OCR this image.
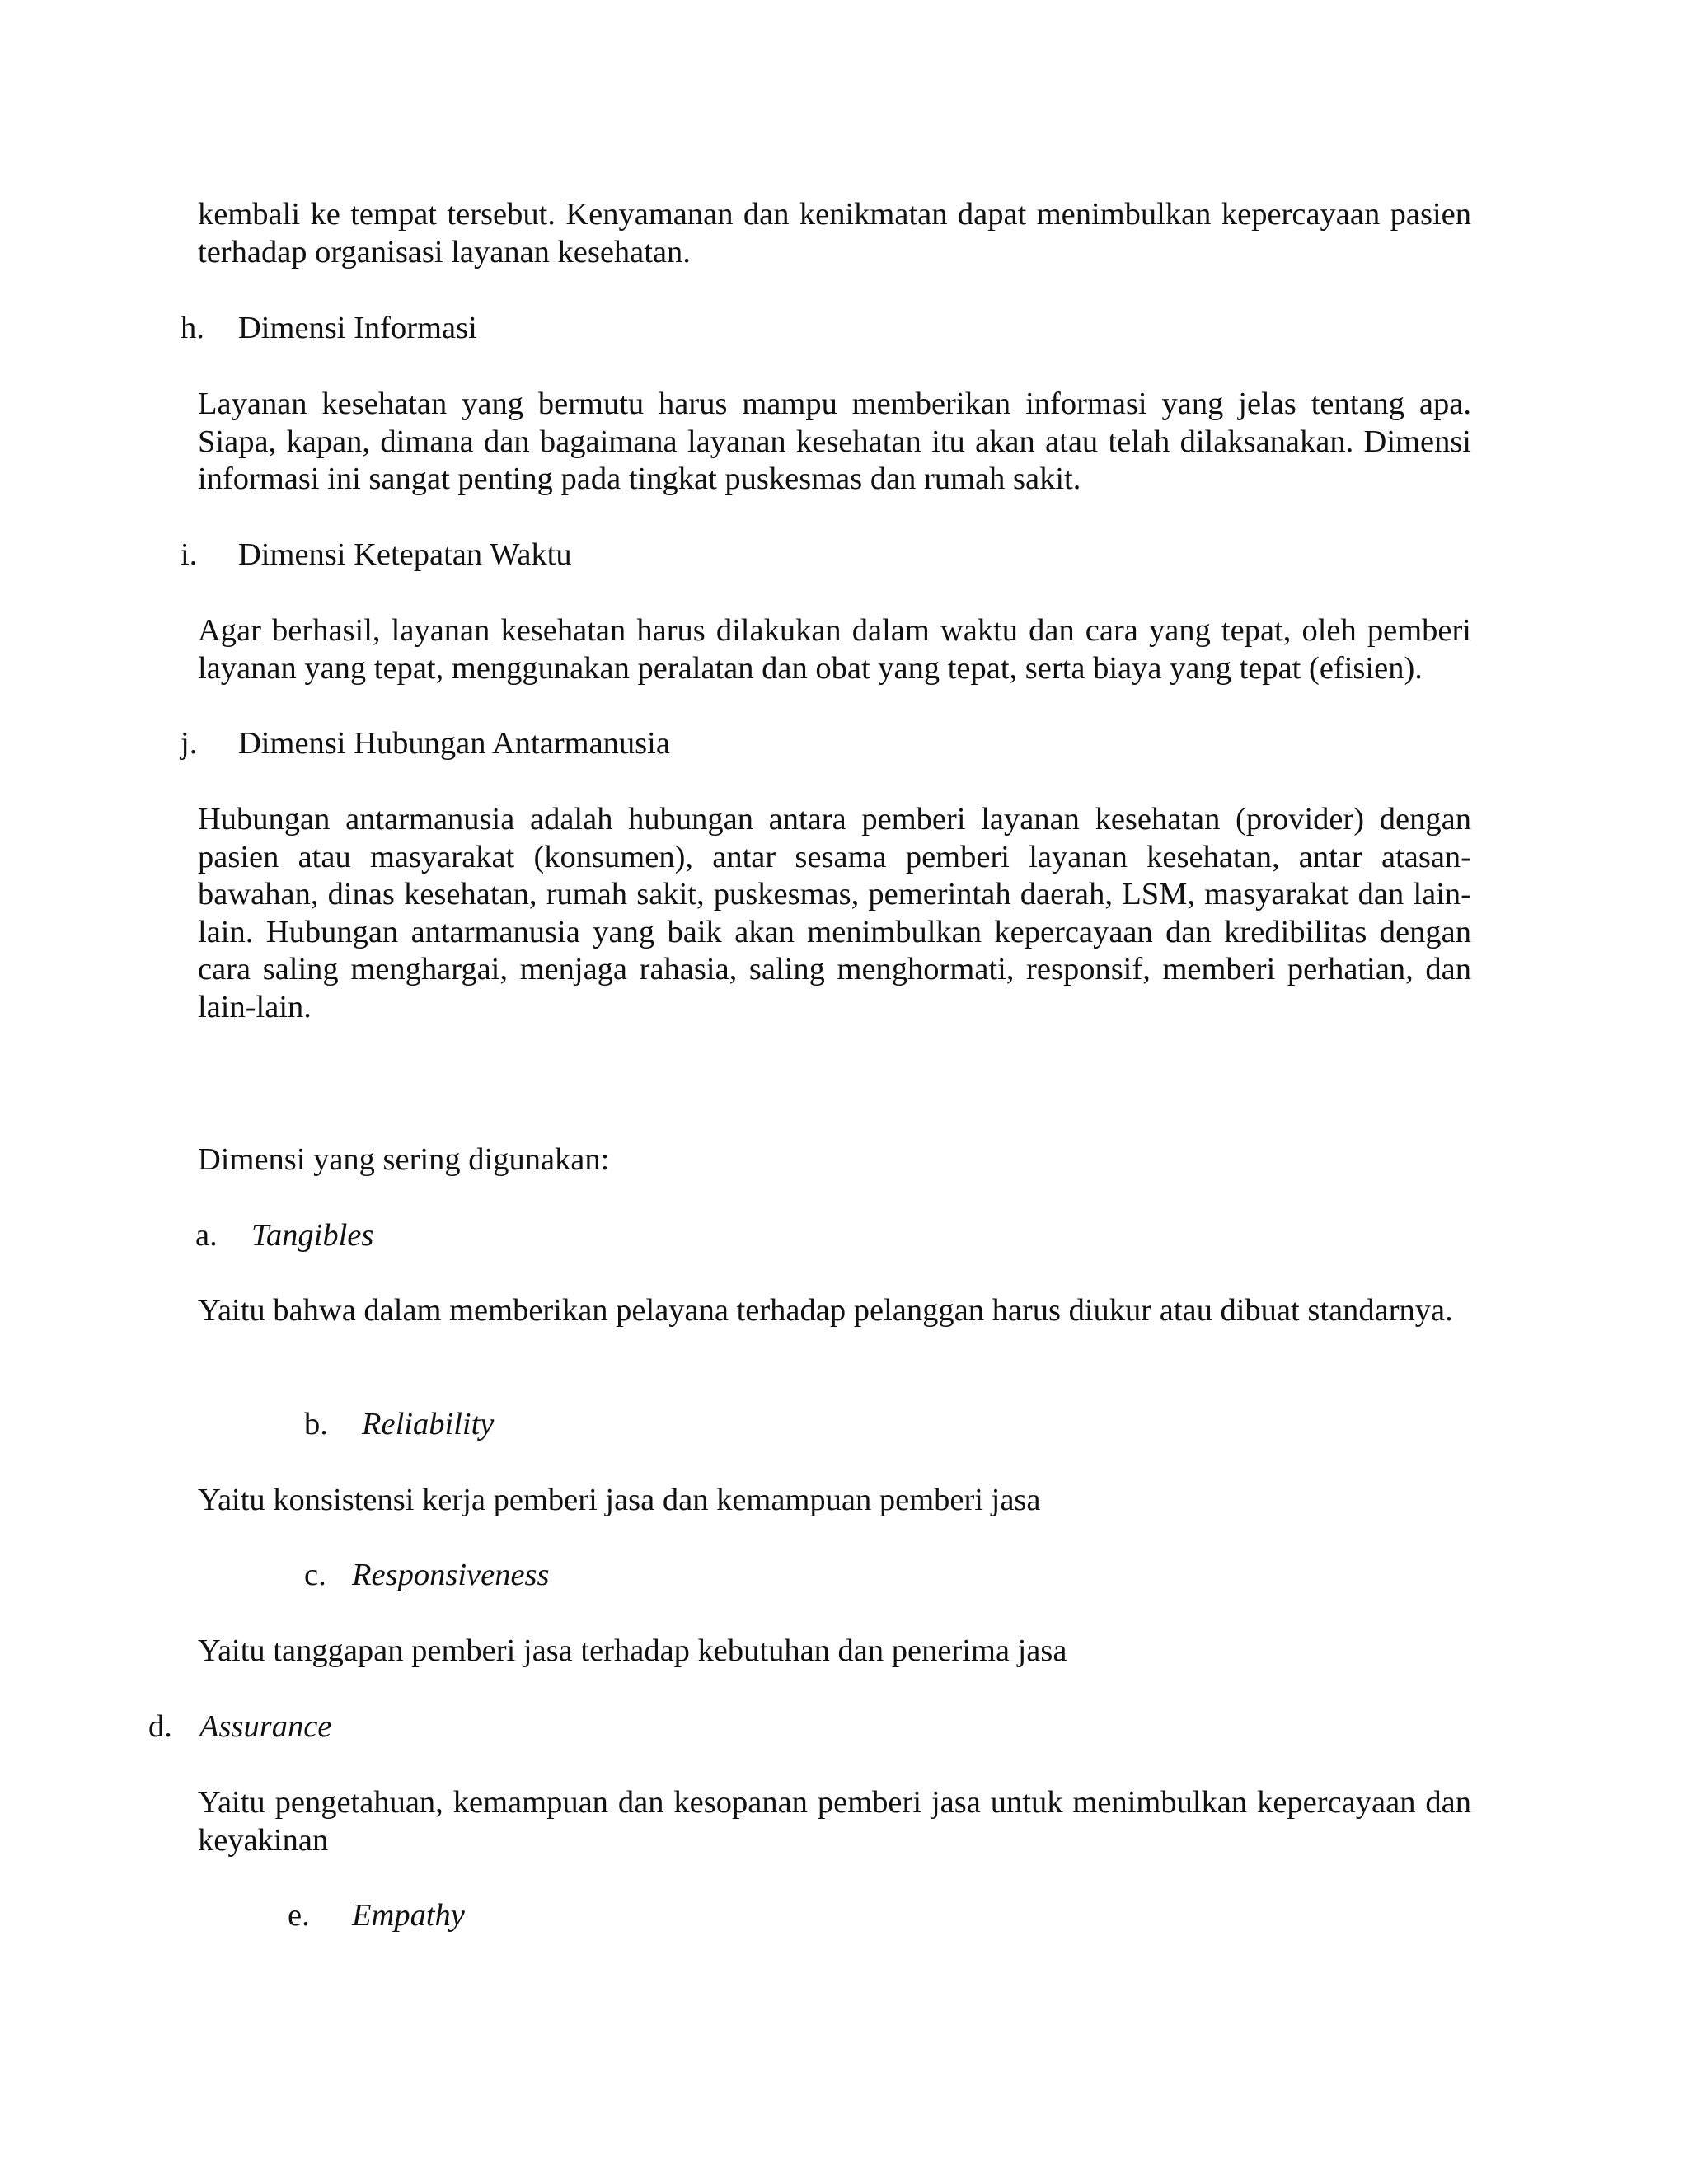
kembali ke tempat tersebut. Kenyamanan dan kenikmatan dapat menimbulkan kepercayaan pasien terhadap organisasi layanan kesehatan.

h. Dimensi Informasi

Layanan kesehatan yang bermutu harus mampu memberikan informasi yang jelas tentang apa. Siapa, kapan, dimana dan bagaimana layanan kesehatan itu akan atau telah dilaksanakan. Dimensi informasi ini sangat penting pada tingkat puskesmas dan rumah sakit.

i. Dimensi Ketepatan Waktu

Agar berhasil, layanan kesehatan harus dilakukan dalam waktu dan cara yang tepat, oleh pemberi layanan yang tepat, menggunakan peralatan dan obat yang tepat, serta biaya yang tepat (efisien).

j. Dimensi Hubungan Antarmanusia

Hubungan antarmanusia adalah hubungan antara pemberi layanan kesehatan (provider) dengan pasien atau masyarakat (konsumen), antar sesama pemberi layanan kesehatan, antar atasan-bawahan, dinas kesehatan, rumah sakit, puskesmas, pemerintah daerah, LSM, masyarakat dan lain-lain. Hubungan antarmanusia yang baik akan menimbulkan kepercayaan dan kredibilitas dengan cara saling menghargai, menjaga rahasia, saling menghormati, responsif, memberi perhatian, dan lain-lain.

Dimensi yang sering digunakan:

a. Tangibles

Yaitu bahwa dalam memberikan pelayana terhadap pelanggan harus diukur atau dibuat standarnya.

b. Reliability

Yaitu konsistensi kerja pemberi jasa dan kemampuan pemberi jasa

c. Responsiveness

Yaitu tanggapan pemberi jasa terhadap kebutuhan dan penerima jasa

d. Assurance

Yaitu pengetahuan, kemampuan dan kesopanan pemberi jasa untuk menimbulkan kepercayaan dan keyakinan

e. Empathy
